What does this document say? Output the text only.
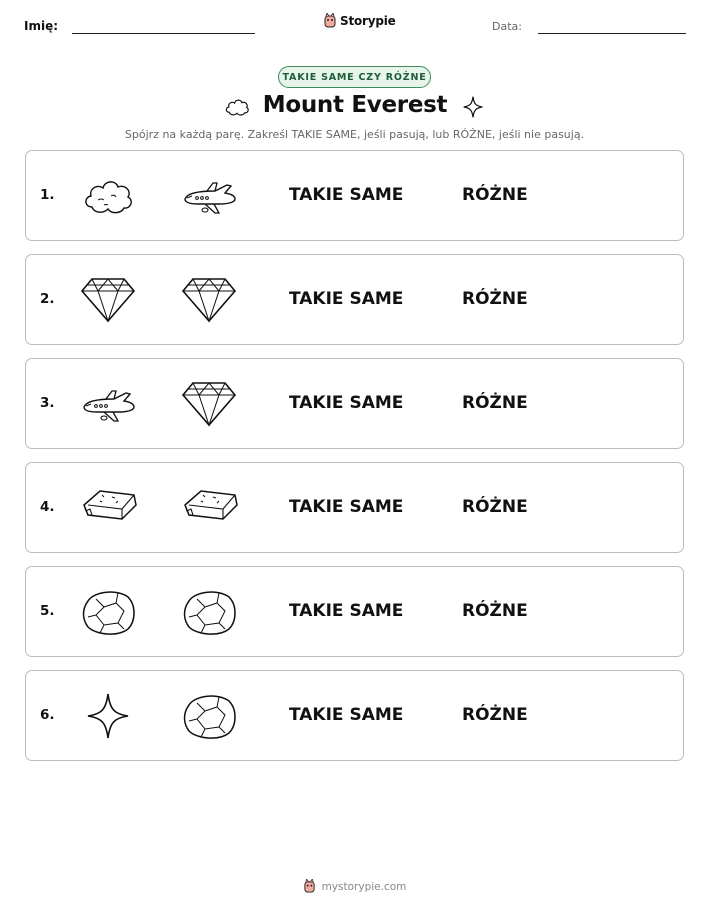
Imię:	Storypie	Data:
TAKIE SAME CZY RÓŻNE
Mount Everest
Spójrz na każdą parę. Zakreśl TAKIE SAME, jeśli pasują, lub RÓŻNE, jeśli nie pasują.
1.	TAKIE SAME	RÓŻNE
2.	TAKIE SAME	RÓŻNE
3.	TAKIE SAME	RÓŻNE
4.	TAKIE SAME	RÓŻNE
5.	TAKIE SAME	RÓŻNE
6.	TAKIE SAME	RÓŻNE
mystorypie.com
